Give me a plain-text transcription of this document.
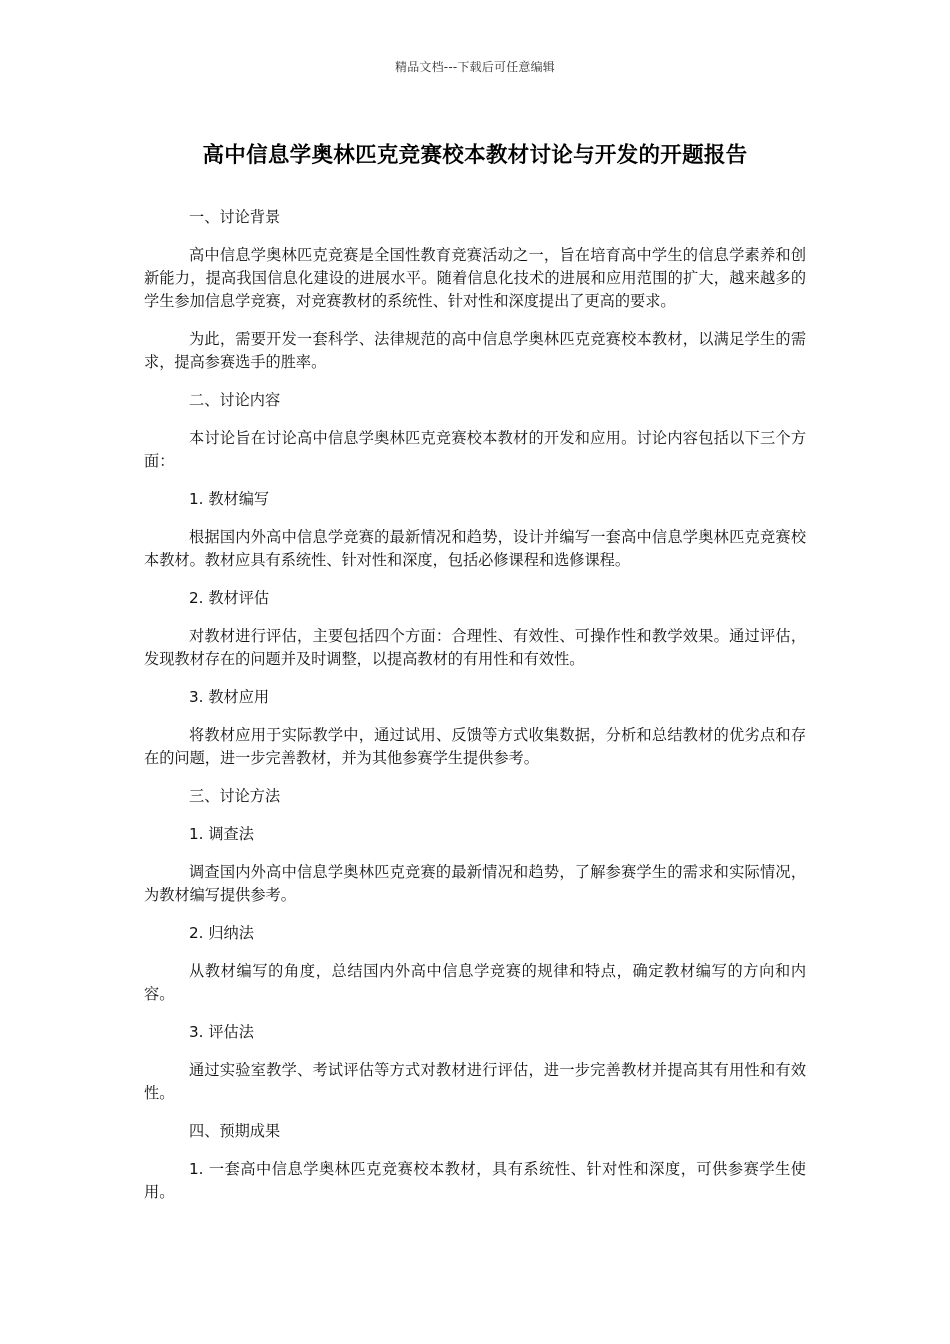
精品文档---下载后可任意编辑
高中信息学奥林匹克竞赛校本教材讨论与开发的开题报告

一、讨论背景

高中信息学奥林匹克竞赛是全国性教育竞赛活动之一，旨在培育高中学生的信息学素养和创新能力，提高我国信息化建设的进展水平。随着信息化技术的进展和应用范围的扩大，越来越多的学生参加信息学竞赛，对竞赛教材的系统性、针对性和深度提出了更高的要求。

为此，需要开发一套科学、法律规范的高中信息学奥林匹克竞赛校本教材，以满足学生的需求，提高参赛选手的胜率。

二、讨论内容

本讨论旨在讨论高中信息学奥林匹克竞赛校本教材的开发和应用。讨论内容包括以下三个方面：

1. 教材编写

根据国内外高中信息学竞赛的最新情况和趋势，设计并编写一套高中信息学奥林匹克竞赛校本教材。教材应具有系统性、针对性和深度，包括必修课程和选修课程。

2. 教材评估

对教材进行评估，主要包括四个方面：合理性、有效性、可操作性和教学效果。通过评估，发现教材存在的问题并及时调整，以提高教材的有用性和有效性。

3. 教材应用

将教材应用于实际教学中，通过试用、反馈等方式收集数据，分析和总结教材的优劣点和存在的问题，进一步完善教材，并为其他参赛学生提供参考。

三、讨论方法

1. 调查法

调查国内外高中信息学奥林匹克竞赛的最新情况和趋势，了解参赛学生的需求和实际情况，为教材编写提供参考。

2. 归纳法

从教材编写的角度，总结国内外高中信息学竞赛的规律和特点，确定教材编写的方向和内容。

3. 评估法

通过实验室教学、考试评估等方式对教材进行评估，进一步完善教材并提高其有用性和有效性。

四、预期成果

1. 一套高中信息学奥林匹克竞赛校本教材，具有系统性、针对性和深度，可供参赛学生使用。
